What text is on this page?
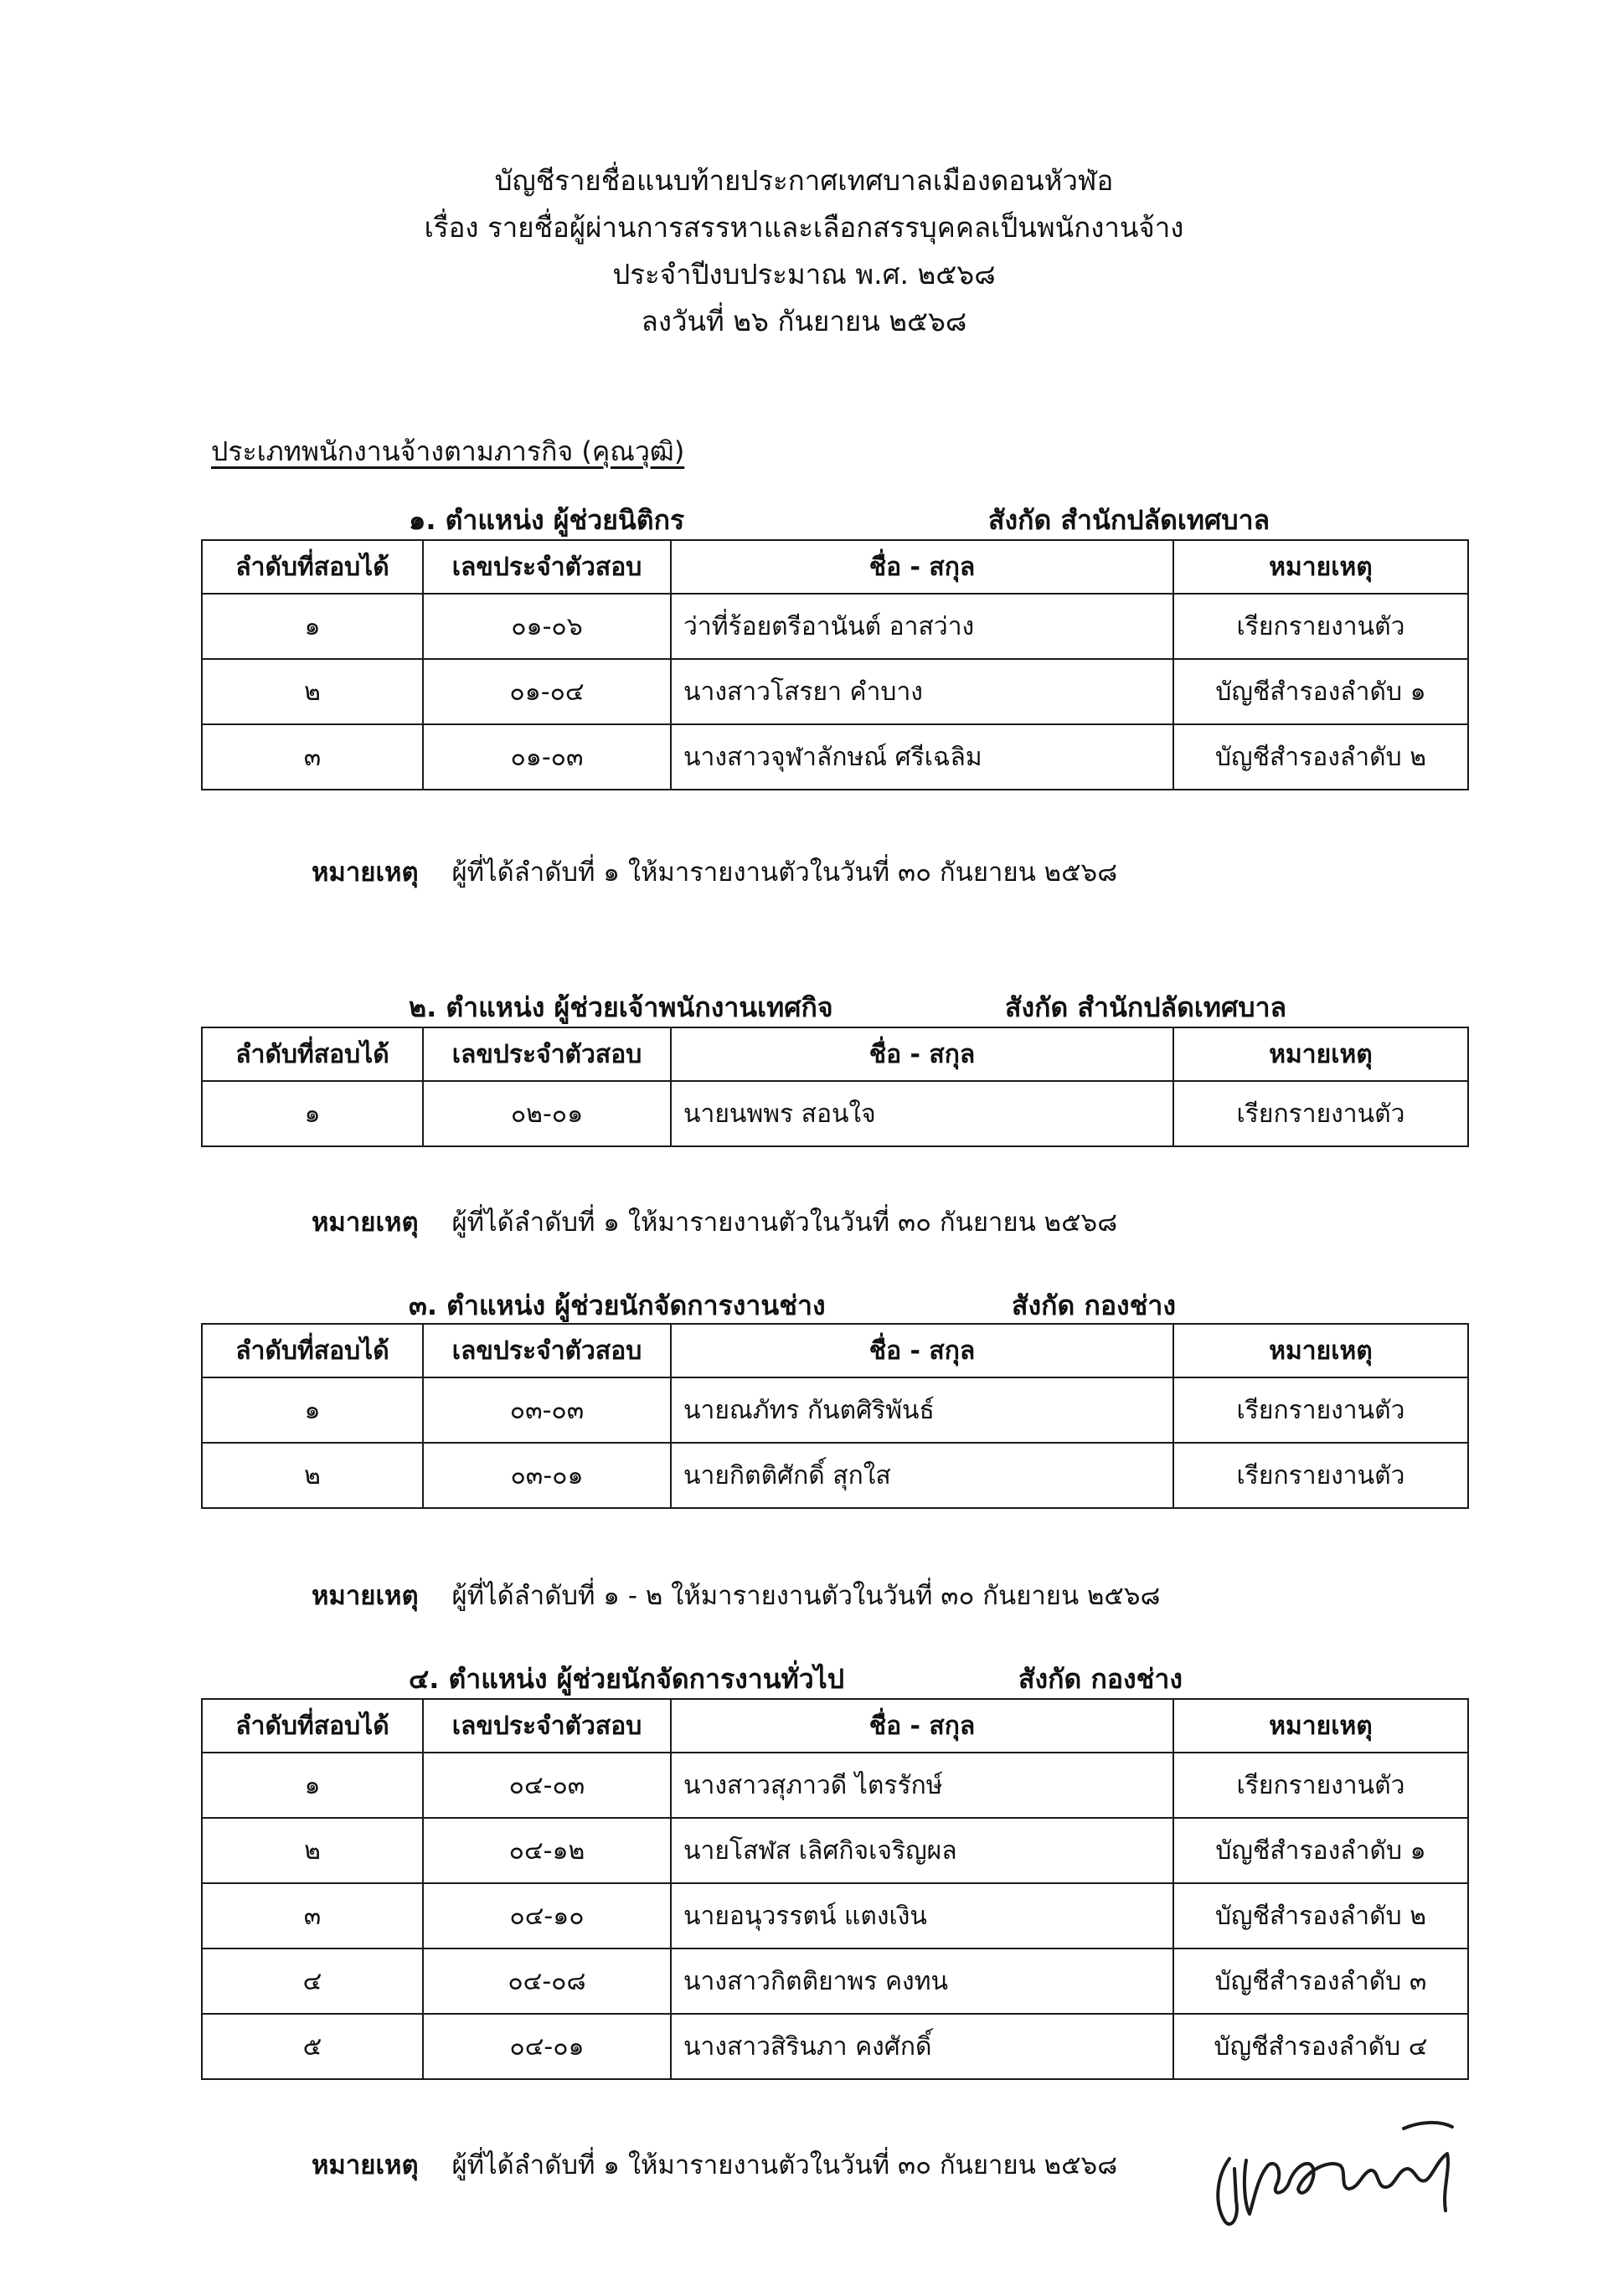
บัญชีรายชื่อแนบท้ายประกาศเทศบาลเมืองดอนหัวฬ่อ
เรื่อง รายชื่อผู้ผ่านการสรรหาและเลือกสรรบุคคลเป็นพนักงานจ้าง
ประจำปีงบประมาณ พ.ศ. ๒๕๖๘
ลงวันที่ ๒๖ กันยายน ๒๕๖๘
ประเภทพนักงานจ้างตามภารกิจ (คุณวุฒิ)
๑. ตำแหน่ง ผู้ช่วยนิติกร	สังกัด สำนักปลัดเทศบาล
ลำดับที่สอบได้	เลขประจำตัวสอบ	ชื่อ - สกุล	หมายเหตุ
๑	๐๑-๐๖	ว่าที่ร้อยตรีอานันต์ อาสว่าง	เรียกรายงานตัว
๒	๐๑-๐๔	นางสาวโสรยา คำบาง	บัญชีสำรองลำดับ ๑
๓	๐๑-๐๓	นางสาวจุฬาลักษณ์ ศรีเฉลิม	บัญชีสำรองลำดับ ๒
หมายเหตุ ผู้ที่ได้ลำดับที่ ๑ ให้มารายงานตัวในวันที่ ๓๐ กันยายน ๒๕๖๘
๒. ตำแหน่ง ผู้ช่วยเจ้าพนักงานเทศกิจ	สังกัด สำนักปลัดเทศบาล
ลำดับที่สอบได้	เลขประจำตัวสอบ	ชื่อ - สกุล	หมายเหตุ
๑	๐๒-๐๑	นายนพพร สอนใจ	เรียกรายงานตัว
หมายเหตุ ผู้ที่ได้ลำดับที่ ๑ ให้มารายงานตัวในวันที่ ๓๐ กันยายน ๒๕๖๘
๓. ตำแหน่ง ผู้ช่วยนักจัดการงานช่าง	สังกัด กองช่าง
ลำดับที่สอบได้	เลขประจำตัวสอบ	ชื่อ - สกุล	หมายเหตุ
๑	๐๓-๐๓	นายณภัทร กันตศิริพันธ์	เรียกรายงานตัว
๒	๐๓-๐๑	นายกิตติศักดิ์ สุกใส	เรียกรายงานตัว
หมายเหตุ ผู้ที่ได้ลำดับที่ ๑ - ๒ ให้มารายงานตัวในวันที่ ๓๐ กันยายน ๒๕๖๘
๔. ตำแหน่ง ผู้ช่วยนักจัดการงานทั่วไป	สังกัด กองช่าง
ลำดับที่สอบได้	เลขประจำตัวสอบ	ชื่อ - สกุล	หมายเหตุ
๑	๐๔-๐๓	นางสาวสุภาวดี ไตรรักษ์	เรียกรายงานตัว
๒	๐๔-๑๒	นายโสฬส เลิศกิจเจริญผล	บัญชีสำรองลำดับ ๑
๓	๐๔-๑๐	นายอนุวรรตน์ แตงเงิน	บัญชีสำรองลำดับ ๒
๔	๐๔-๐๘	นางสาวกิตติยาพร คงทน	บัญชีสำรองลำดับ ๓
๕	๐๔-๐๑	นางสาวสิรินภา คงศักดิ์	บัญชีสำรองลำดับ ๔
หมายเหตุ ผู้ที่ได้ลำดับที่ ๑ ให้มารายงานตัวในวันที่ ๓๐ กันยายน ๒๕๖๘
